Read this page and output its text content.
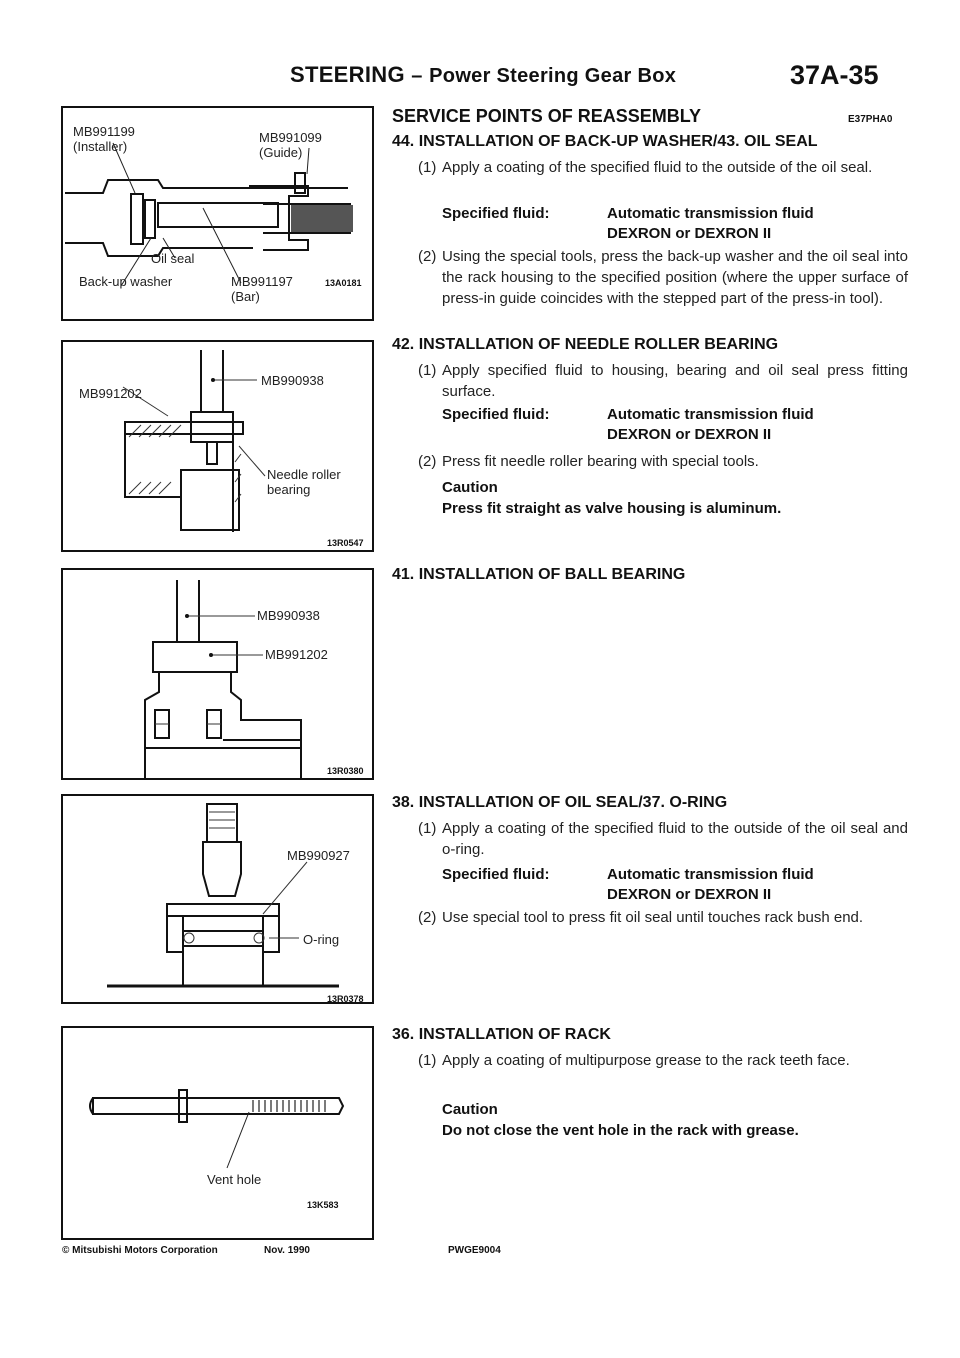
STEERING – Power Steering Gear Box	37A-35
MB991199
(Installer)
MB991099
(Guide)
Oil seal
Back-up washer	MB991197
(Bar)
13A0181
MB991202
MB990938
Needle roller
bearing
13R0547
MB990938
MB991202
13R0380
MB990927
O-ring
13R0378
Vent hole
13K583
SERVICE POINTS OF REASSEMBLY	E37PHA0
44. INSTALLATION OF BACK-UP WASHER/43. OIL SEAL
(1) Apply a coating of the specified fluid to the outside of the oil seal.
Specified fluid:	Automatic transmission fluid
DEXRON or DEXRON II
(2) Using the special tools, press the back-up washer and the oil seal into the rack housing to the specified position (where the upper surface of press-in guide coincides with the stepped part of the press-in tool).
42. INSTALLATION OF NEEDLE ROLLER BEARING
(1) Apply specified fluid to housing, bearing and oil seal press fitting surface.
Specified fluid:	Automatic transmission fluid
DEXRON or DEXRON II
(2) Press fit needle roller bearing with special tools.
Caution
Press fit straight as valve housing is aluminum.
41. INSTALLATION OF BALL BEARING
38. INSTALLATION OF OIL SEAL/37. O-RING
(1) Apply a coating of the specified fluid to the outside of the oil seal and o-ring.
Specified fluid:	Automatic transmission fluid
DEXRON or DEXRON II
(2) Use special tool to press fit oil seal until touches rack bush end.
36. INSTALLATION OF RACK
(1) Apply a coating of multipurpose grease to the rack teeth face.
Caution
Do not close the vent hole in the rack with grease.
© Mitsubishi Motors Corporation	Nov. 1990	PWGE9004
